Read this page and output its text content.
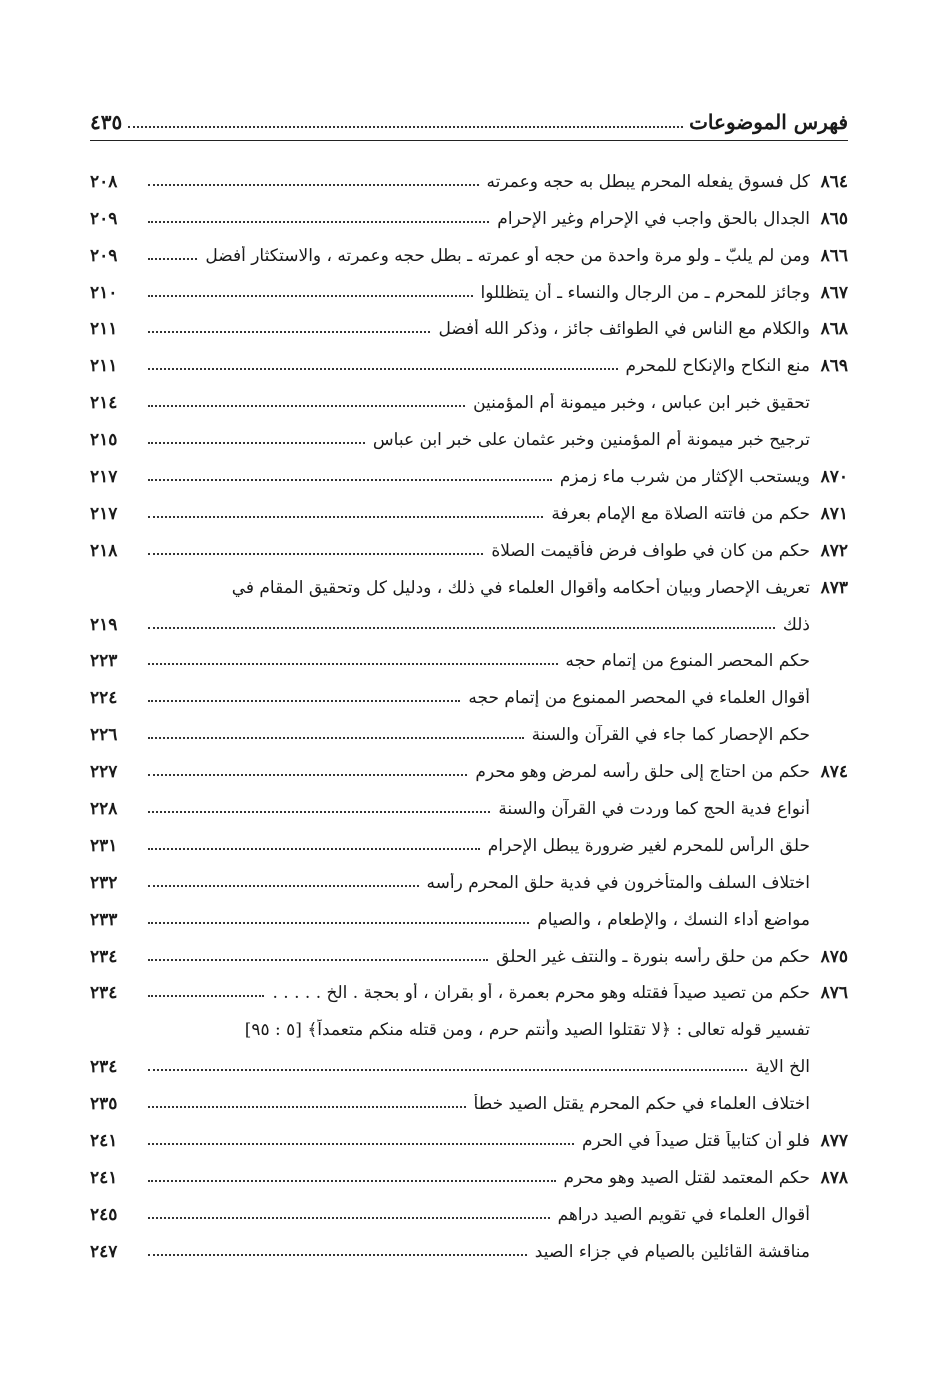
فهرس الموضوعات
٤٣٥
٨٦٤
كل فسوق يفعله المحرم يبطل به حجه وعمرته
٢٠٨
٨٦٥
الجدال بالحق واجب في الإحرام وغير الإحرام
٢٠٩
٨٦٦
ومن لم يلبّ ـ ولو مرة واحدة من حجه أو عمرته ـ بطل حجه وعمرته ، والاستكثار أفضل
٢٠٩
٨٦٧
وجائز للمحرم ـ من الرجال والنساء ـ أن يتظللوا
٢١٠
٨٦٨
والكلام مع الناس في الطوائف جائز ، وذكر الله أفضل
٢١١
٨٦٩
منع النكاح والإنكاح للمحرم
٢١١
تحقيق خبر ابن عباس ، وخبر ميمونة أم المؤمنين
٢١٤
ترجيح خبر ميمونة أم المؤمنين وخبر عثمان على خبر ابن عباس
٢١٥
٨٧٠
ويستحب الإكثار من شرب ماء زمزم
٢١٧
٨٧١
حكم من فاتته الصلاة مع الإمام بعرفة
٢١٧
٨٧٢
حكم من كان في طواف فرض فأقيمت الصلاة
٢١٨
٨٧٣
تعريف الإحصار وبيان أحكامه وأقوال العلماء في ذلك ، ودليل كل وتحقيق المقام في
ذلك
٢١٩
حكم المحصر المنوع من إتمام حجه
٢٢٣
أقوال العلماء في المحصر الممنوع من إتمام حجه
٢٢٤
حكم الإحصار كما جاء في القرآن والسنة
٢٢٦
٨٧٤
حكم من احتاج إلى حلق رأسه لمرض وهو محرم
٢٢٧
أنواع فدية الحج كما وردت في القرآن والسنة
٢٢٨
حلق الرأس للمحرم لغير ضرورة يبطل الإحرام
٢٣١
اختلاف السلف والمتأخرون في فدية حلق المحرم رأسه
٢٣٢
مواضع أداء النسك ، والإطعام ، والصيام
٢٣٣
٨٧٥
حكم من حلق رأسه بنورة ـ والنتف غير الحلق
٢٣٤
٨٧٦
حكم من تصيد صيداً فقتله وهو محرم بعمرة ، أو بقران ، أو بحجة . الخ . . . . .
٢٣٤
تفسير قوله تعالى : ﴿لا تقتلوا الصيد وأنتم حرم ، ومن قتله منكم متعمداً﴾ [٥ : ٩٥]
الخ الاية
٢٣٤
اختلاف العلماء في حكم المحرم يقتل الصيد خطأ
٢٣٥
٨٧٧
فلو أن كتابياً قتل صيداً في الحرم
٢٤١
٨٧٨
حكم المعتمد لقتل الصيد وهو محرم
٢٤١
أقوال العلماء في تقويم الصيد دراهم
٢٤٥
مناقشة القائلين بالصيام في جزاء الصيد
٢٤٧
